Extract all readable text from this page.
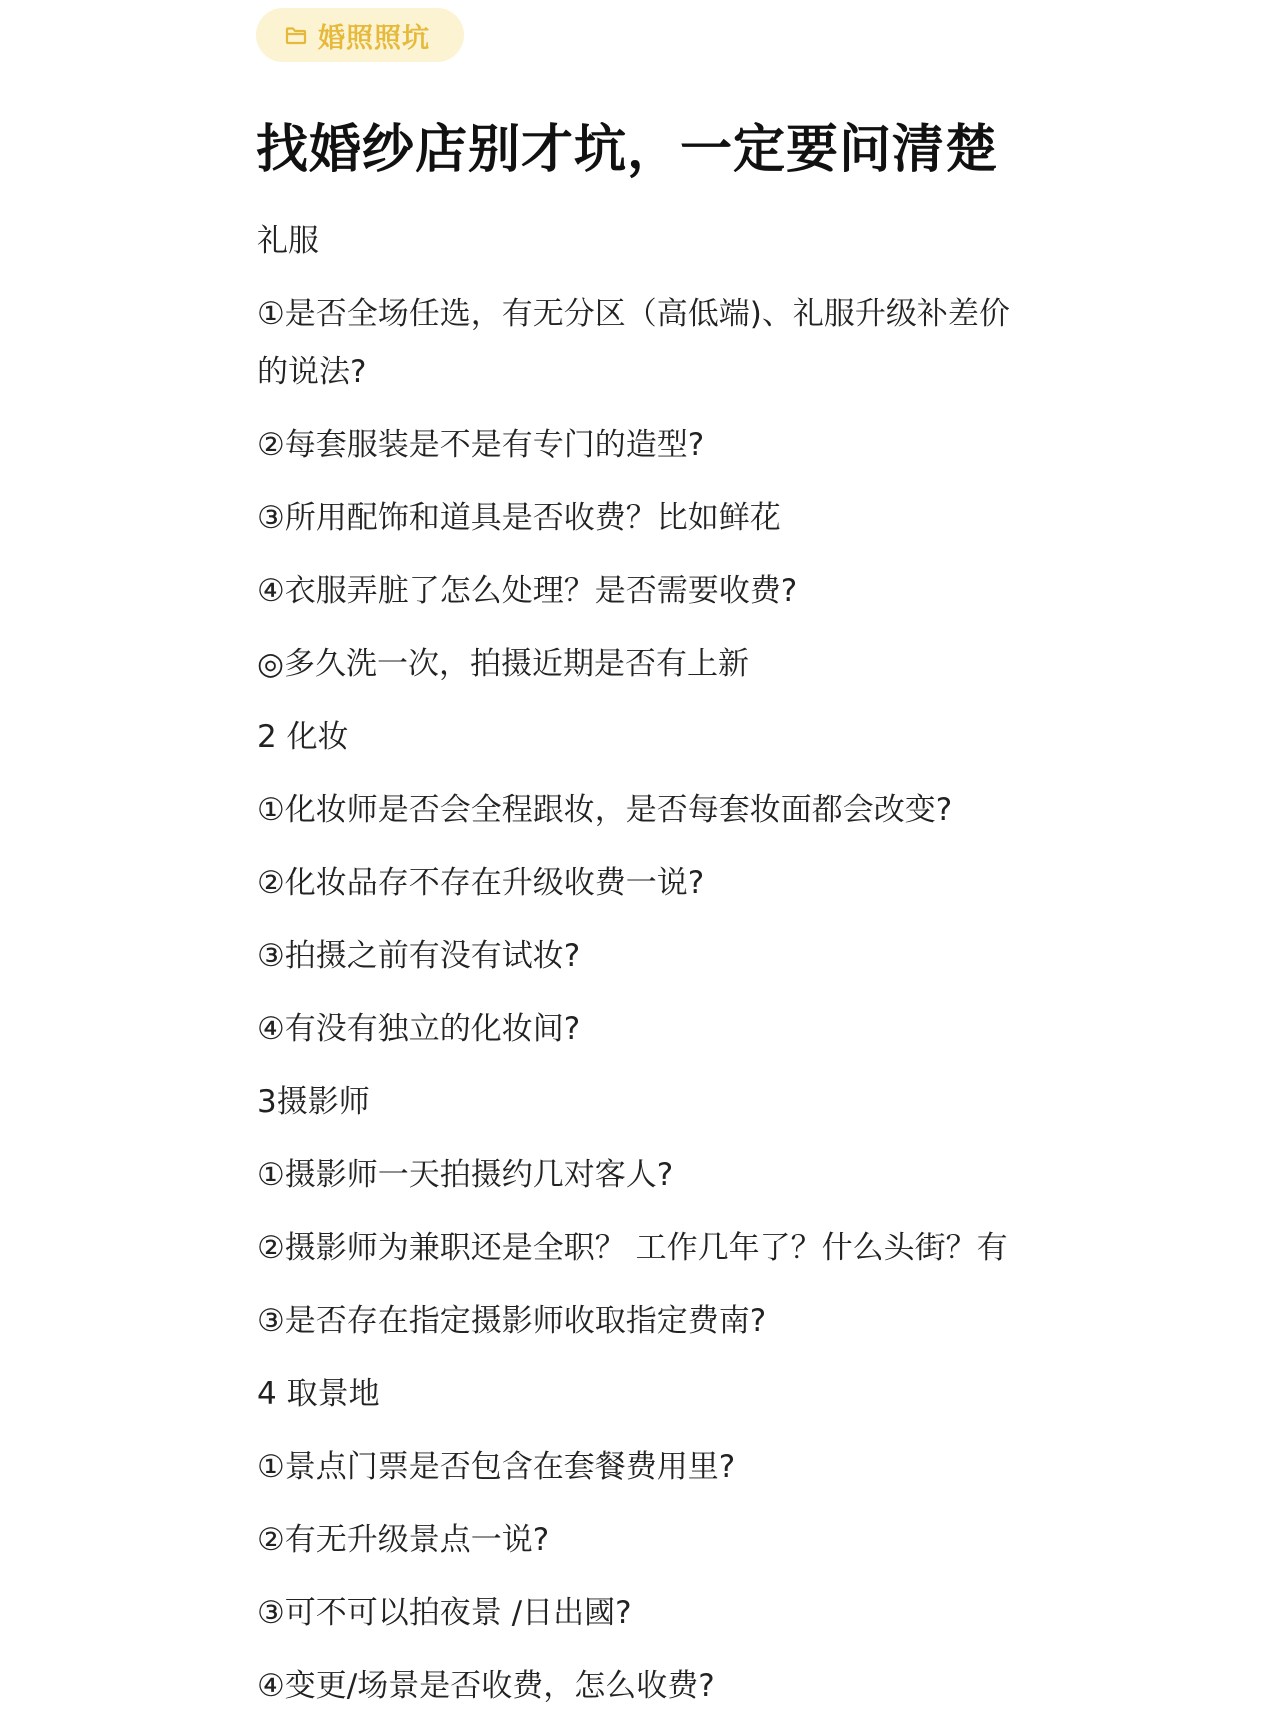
婚照照坑
找婚纱店别才坑，一定要问清楚

礼服

①是否全场任选，有无分区（高低端)、礼服升级补差价的说法?

②每套服装是不是有专门的造型?

③所用配饰和道具是否收费？比如鲜花

④衣服弄脏了怎么处理？是否需要收费?

◎多久洗一次，拍摄近期是否有上新

2 化妆

①化妆师是否会全程跟妆，是否每套妆面都会改变?

②化妆品存不存在升级收费一说?

③拍摄之前有没有试妆?

④有没有独立的化妆间?

3摄影师

①摄影师一天拍摄约几对客人?

②摄影师为兼职还是全职？ 工作几年了？什么头街？有

③是否存在指定摄影师收取指定费南?

4 取景地

①景点门票是否包含在套餐费用里?

②有无升级景点一说?

③可不可以拍夜景 /日出國?

④变更/场景是否收费，怎么收费?
